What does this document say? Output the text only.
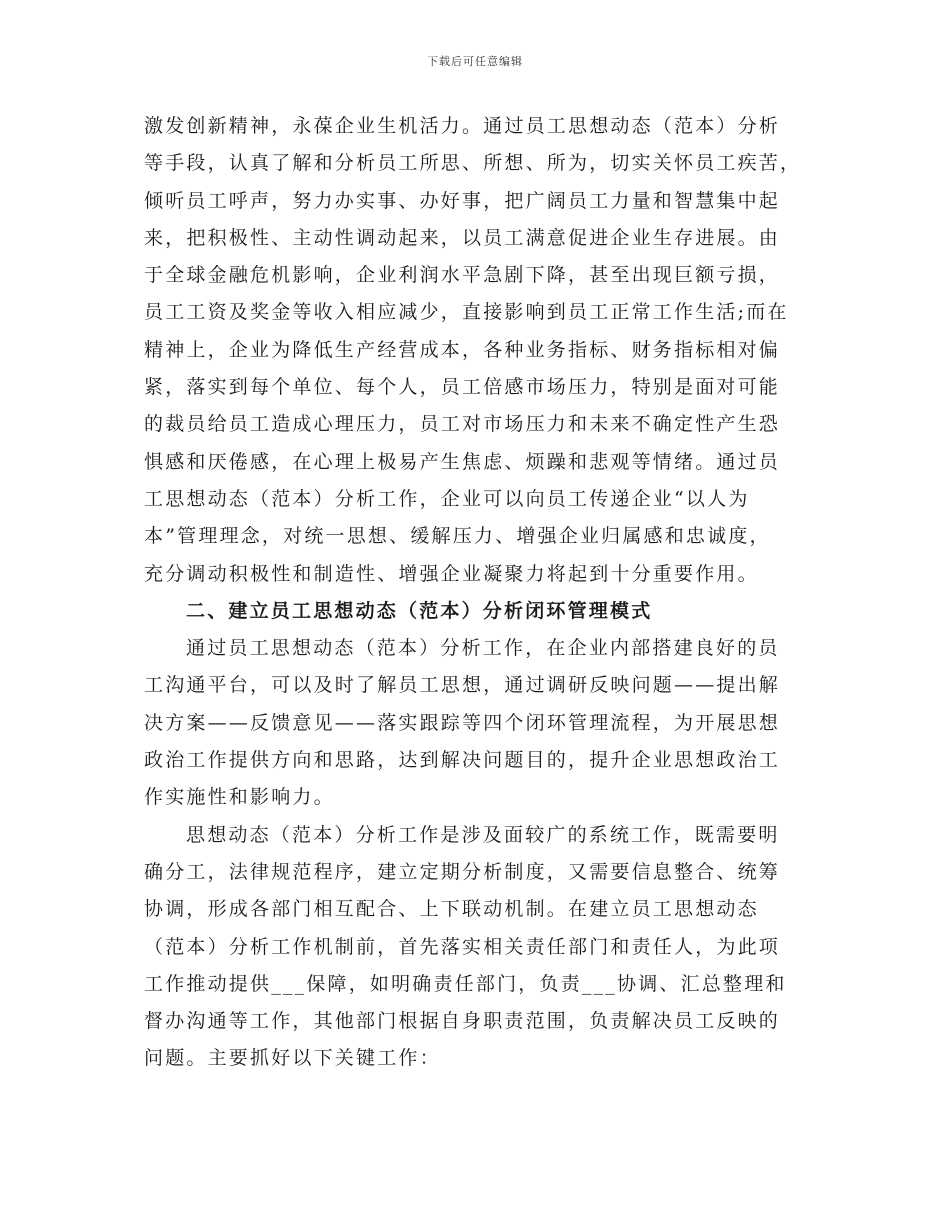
下载后可任意编辑
激发创新精神，永葆企业生机活力。通过员工思想动态（范本）分析
等手段，认真了解和分析员工所思、所想、所为，切实关怀员工疾苦，
倾听员工呼声，努力办实事、办好事，把广阔员工力量和智慧集中起
来，把积极性、主动性调动起来，以员工满意促进企业生存进展。由
于全球金融危机影响，企业利润水平急剧下降，甚至出现巨额亏损，
员工工资及奖金等收入相应减少，直接影响到员工正常工作生活;而在
精神上，企业为降低生产经营成本，各种业务指标、财务指标相对偏
紧，落实到每个单位、每个人，员工倍感市场压力，特别是面对可能
的裁员给员工造成心理压力，员工对市场压力和未来不确定性产生恐
惧感和厌倦感，在心理上极易产生焦虑、烦躁和悲观等情绪。通过员
工思想动态（范本）分析工作，企业可以向员工传递企业“以人为
本”管理理念，对统一思想、缓解压力、增强企业归属感和忠诚度，
充分调动积极性和制造性、增强企业凝聚力将起到十分重要作用。
二、建立员工思想动态（范本）分析闭环管理模式
通过员工思想动态（范本）分析工作，在企业内部搭建良好的员
工沟通平台，可以及时了解员工思想，通过调研反映问题——提出解
决方案——反馈意见——落实跟踪等四个闭环管理流程，为开展思想
政治工作提供方向和思路，达到解决问题目的，提升企业思想政治工
作实施性和影响力。
思想动态（范本）分析工作是涉及面较广的系统工作，既需要明
确分工，法律规范程序，建立定期分析制度，又需要信息整合、统筹
协调，形成各部门相互配合、上下联动机制。在建立员工思想动态
（范本）分析工作机制前，首先落实相关责任部门和责任人，为此项
工作推动提供___保障，如明确责任部门，负责___协调、汇总整理和
督办沟通等工作，其他部门根据自身职责范围，负责解决员工反映的
问题。主要抓好以下关键工作：
